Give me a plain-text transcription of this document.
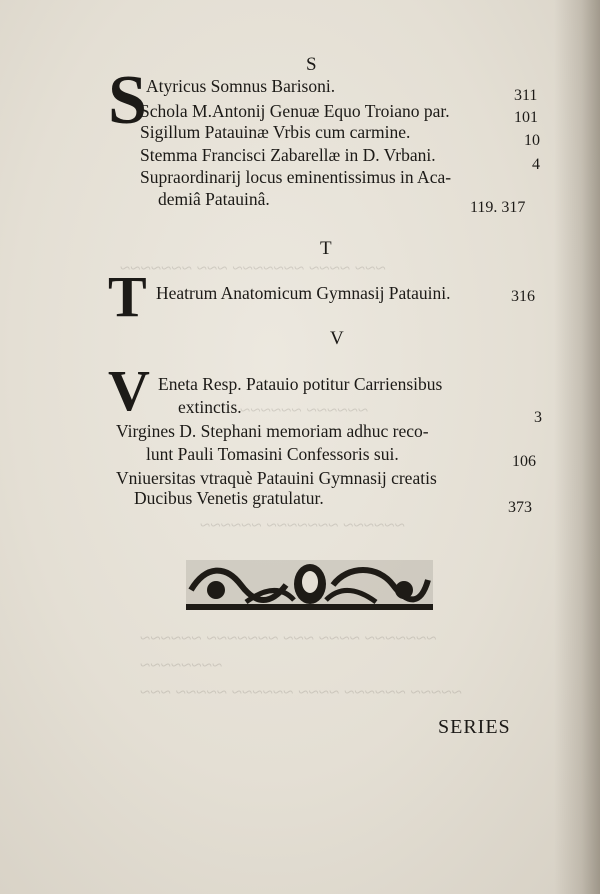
~~~ ~~~~ ~~~~~~~ ~~~ ~~~~~~~
~~~~~~ ~~~~~~
~~~~~~ ~~~~~~~ ~~~~~~
~~~~~~~ ~~~~ ~~~ ~~~~~~~ ~~~~~~
~~~~~~~~
~~~~~ ~~~~~~ ~~~~ ~~~~~~ ~~~~~ ~~~
S
S Atyricus Somnus Barisoni.	311
Schola M.Antonij Genuæ Equo Troiano par.	101
Sigillum Patauinæ Vrbis cum carmine.	10
Stemma Francisci Zabarellæ in D. Vrbani.	4
Supraordinarij locus eminentissimus in Aca-
demiâ Patauinâ.	119. 317
T
T Heatrum Anatomicum Gymnasij Patauini.	316
V
V Eneta Resp. Patauio potitur Carriensibus
extinctis.
3
Virgines D. Stephani memoriam adhuc reco-
lunt Pauli Tomasini Confessoris sui.	106
Vniuersitas vtraquè Patauini Gymnasij creatis
Ducibus Venetis gratulatur.	373
SERIES
